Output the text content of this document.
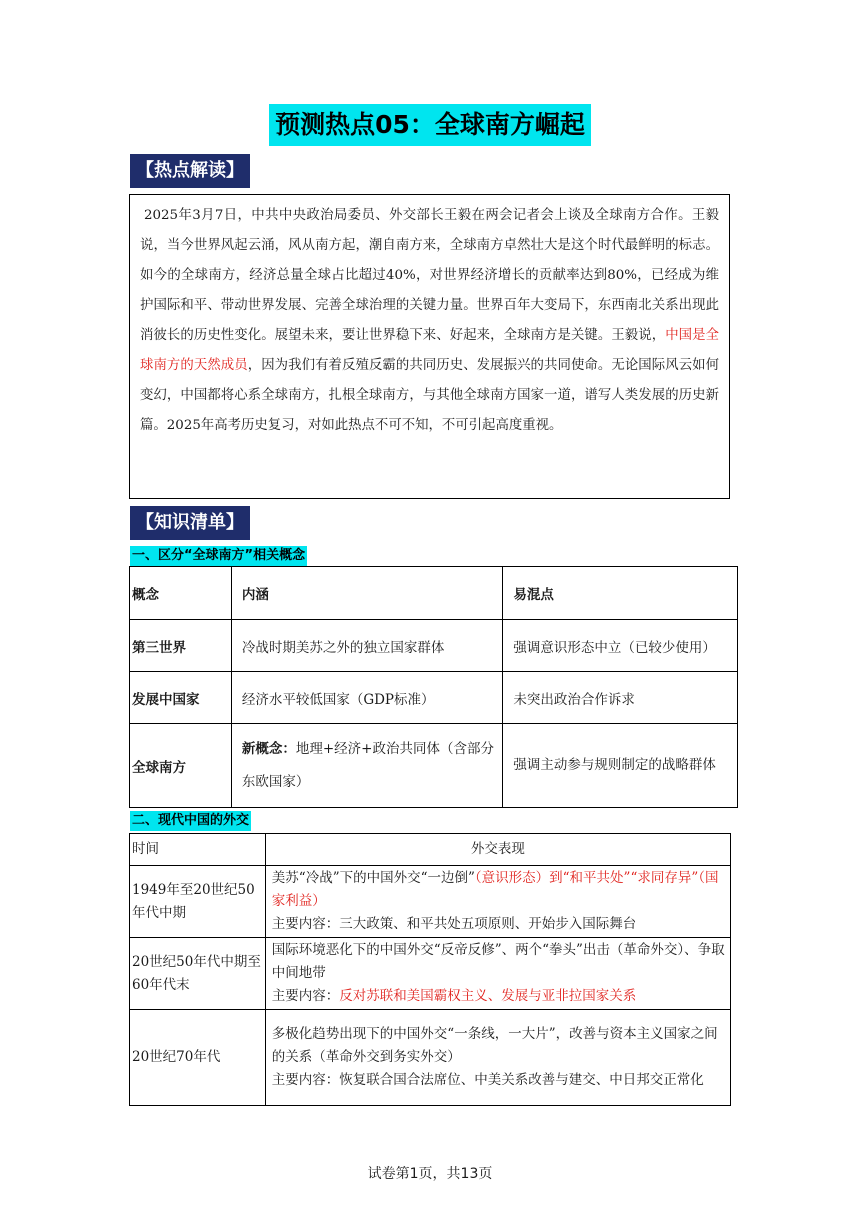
预测热点05：全球南方崛起
【热点解读】
2025年3月7日，中共中央政治局委员、外交部长王毅在两会记者会上谈及全球南方合作。王毅说，当今世界风起云涌，风从南方起，潮自南方来，全球南方卓然壮大是这个时代最鲜明的标志。如今的全球南方，经济总量全球占比超过40%，对世界经济增长的贡献率达到80%，已经成为维护国际和平、带动世界发展、完善全球治理的关键力量。世界百年大变局下，东西南北关系出现此消彼长的历史性变化。展望未来，要让世界稳下来、好起来，全球南方是关键。王毅说，中国是全球南方的天然成员，因为我们有着反殖反霸的共同历史、发展振兴的共同使命。无论国际风云如何变幻，中国都将心系全球南方，扎根全球南方，与其他全球南方国家一道，谱写人类发展的历史新篇。2025年高考历史复习，对如此热点不可不知，不可引起高度重视。
【知识清单】
一、区分“全球南方”相关概念
概念	内涵	易混点
第三世界	冷战时期美苏之外的独立国家群体	强调意识形态中立（已较少使用）
发展中国家	经济水平较低国家（GDP标准）	未突出政治合作诉求
全球南方	新概念：地理+经济+政治共同体（含部分东欧国家）	强调主动参与规则制定的战略群体
二、现代中国的外交
时间	外交表现
1949年至20世纪50年代中期	美苏“冷战”下的中国外交“一边倒”（意识形态）到“和平共处”“求同存异”（国家利益）
主要内容：三大政策、和平共处五项原则、开始步入国际舞台

20世纪50年代中期至60年代末	国际环境恶化下的中国外交“反帝反修”、两个“拳头”出击（革命外交）、争取中间地带
主要内容：反对苏联和美国霸权主义、发展与亚非拉国家关系

20世纪70年代	多极化趋势出现下的中国外交“一条线，一大片”，改善与资本主义国家之间的关系（革命外交到务实外交）
主要内容：恢复联合国合法席位、中美关系改善与建交、中日邦交正常化
试卷第1页，共13页
